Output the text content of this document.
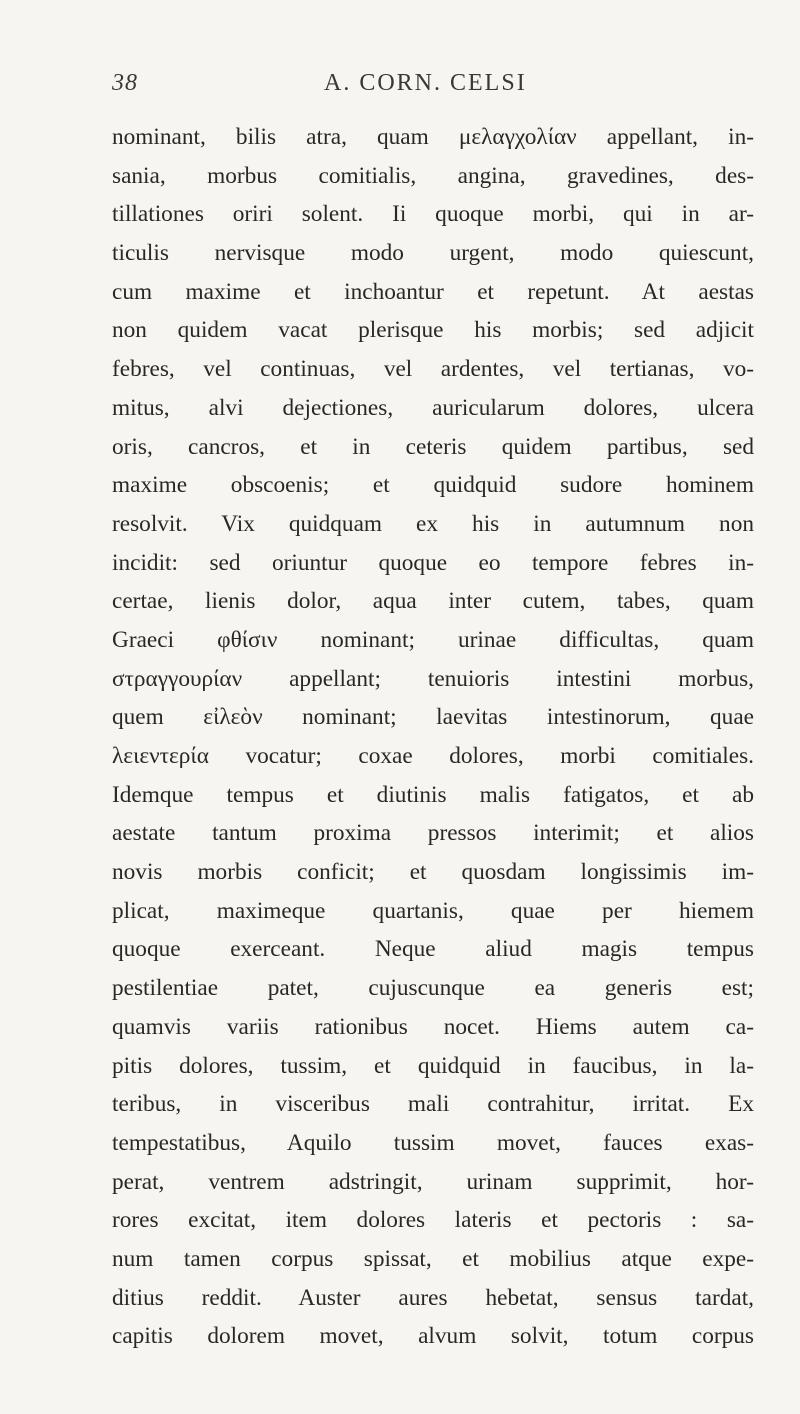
38	A. CORN. CELSI
nominant, bilis atra, quam μελαγχολίαν appellant, in-
sania, morbus comitialis, angina, gravedines, des-
tillationes oriri solent. Ii quoque morbi, qui in ar-
ticulis nervisque modo urgent, modo quiescunt,
cum maxime et inchoantur et repetunt. At aestas
non quidem vacat plerisque his morbis; sed adjicit
febres, vel continuas, vel ardentes, vel tertianas, vo-
mitus, alvi dejectiones, auricularum dolores, ulcera
oris, cancros, et in ceteris quidem partibus, sed
maxime obscoenis; et quidquid sudore hominem
resolvit. Vix quidquam ex his in autumnum non
incidit: sed oriuntur quoque eo tempore febres in-
certae, lienis dolor, aqua inter cutem, tabes, quam
Graeci φθίσιν nominant; urinae difficultas, quam
στραγγουρίαν appellant; tenuioris intestini morbus,
quem εἰλεὸν nominant; laevitas intestinorum, quae
λειεντερία vocatur; coxae dolores, morbi comitiales.
Idemque tempus et diutinis malis fatigatos, et ab
aestate tantum proxima pressos interimit; et alios
novis morbis conficit; et quosdam longissimis im-
plicat, maximeque quartanis, quae per hiemem
quoque exerceant. Neque aliud magis tempus
pestilentiae patet, cujuscunque ea generis est;
quamvis variis rationibus nocet. Hiems autem ca-
pitis dolores, tussim, et quidquid in faucibus, in la-
teribus, in visceribus mali contrahitur, irritat. Ex
tempestatibus, Aquilo tussim movet, fauces exas-
perat, ventrem adstringit, urinam supprimit, hor-
rores excitat, item dolores lateris et pectoris : sa-
num tamen corpus spissat, et mobilius atque expe-
ditius reddit. Auster aures hebetat, sensus tardat,
capitis dolorem movet, alvum solvit, totum corpus
